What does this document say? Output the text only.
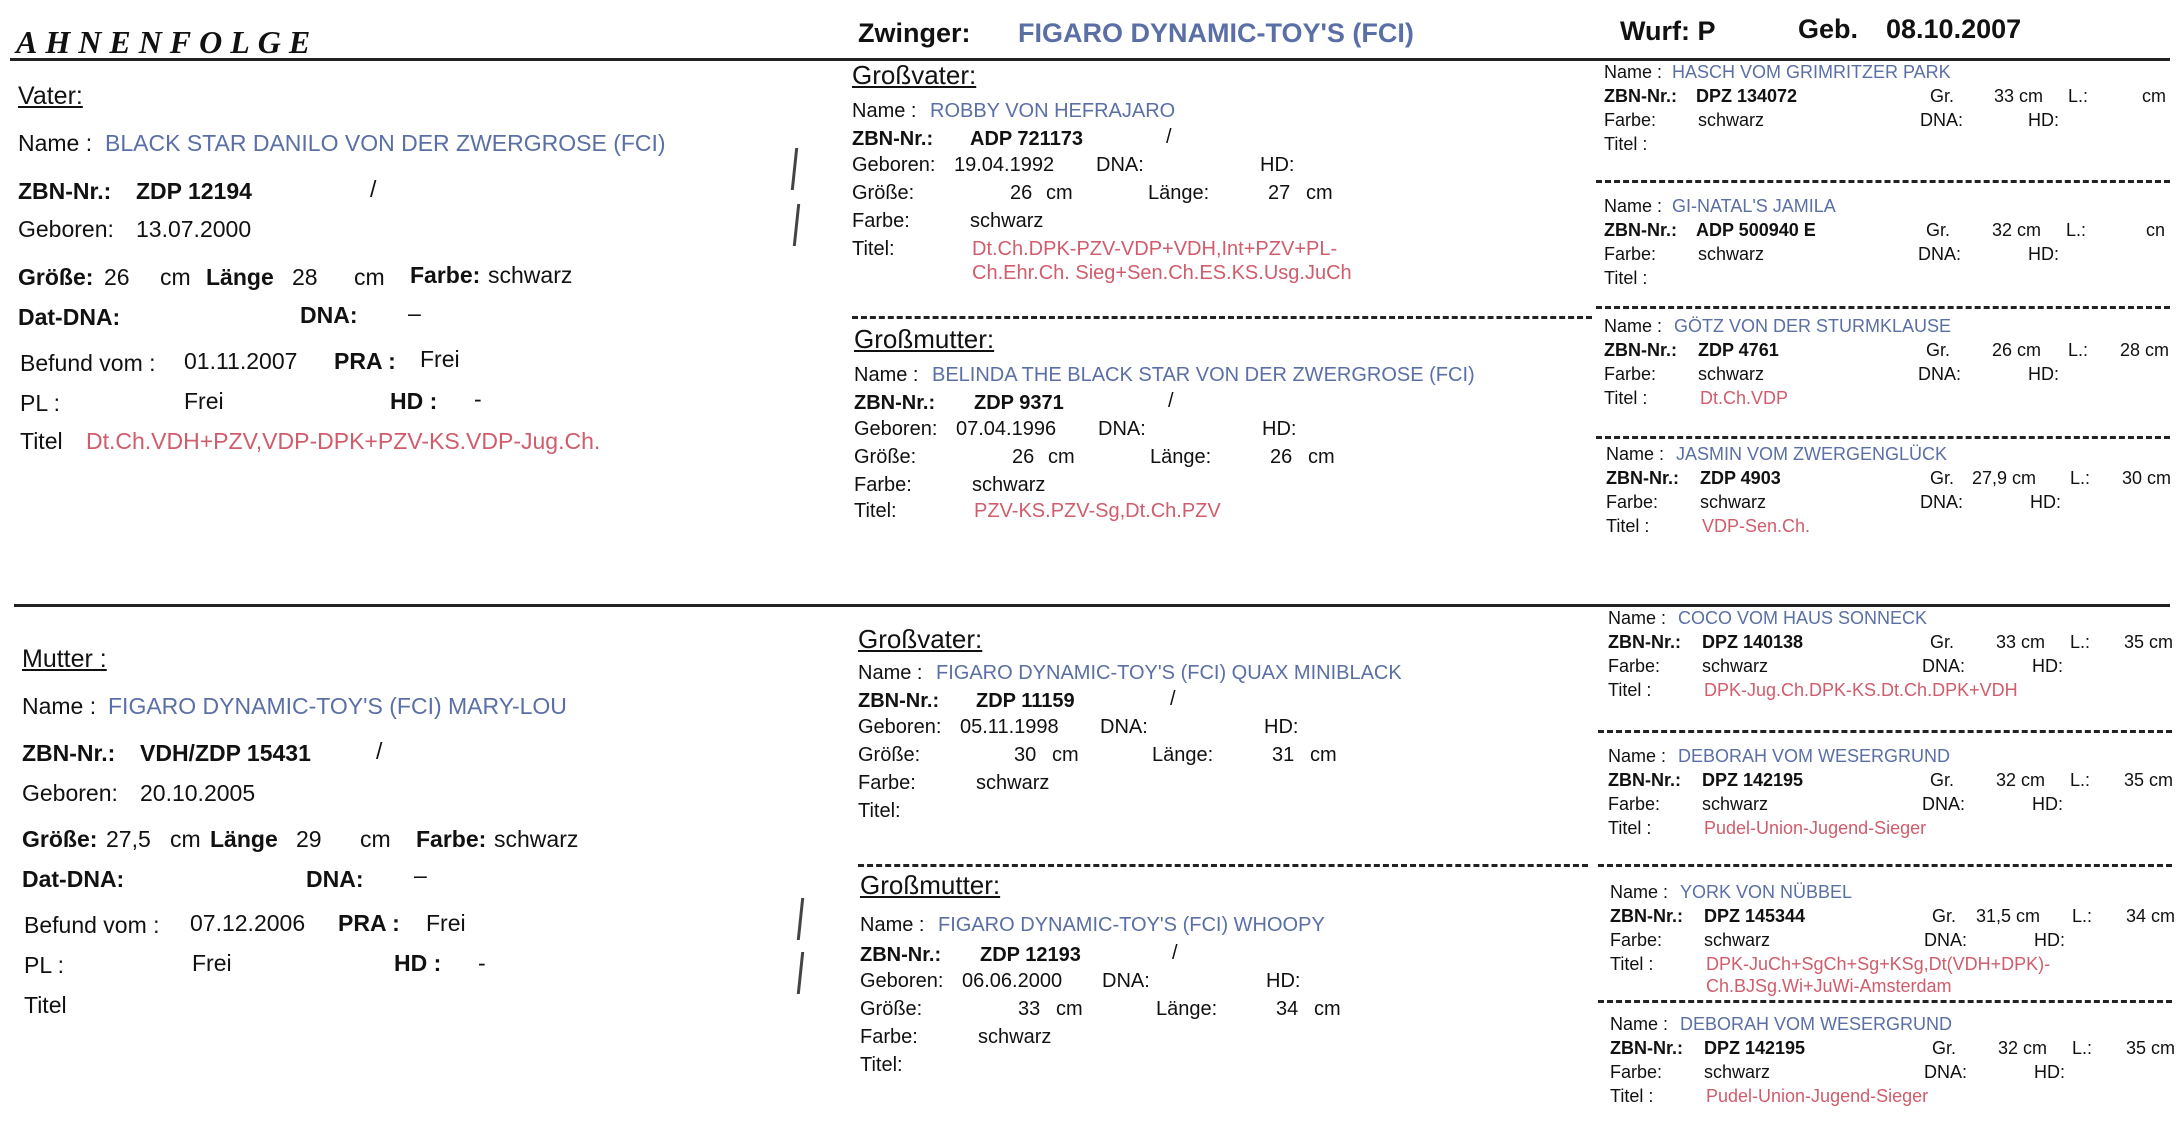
AHNENFOLGE	Zwinger: FIGARO DYNAMIC-TOY'S (FCI)	Wurf: P	Geb. 08.10.2007
Vater:
Name : BLACK STAR DANILO VON DER ZWERGROSE (FCI)
ZBN-Nr.: ZDP 12194	/
Geboren: 13.07.2000
Größe: 26 cm Länge 28 cm Farbe: schwarz
Dat-DNA:	DNA: –
Befund vom : 01.11.2007 PRA : Frei
PL :	Frei	HD : -
Titel Dt.Ch.VDH+PZV,VDP-DPK+PZV-KS.VDP-Jug.Ch.
Mutter :
Name : FIGARO DYNAMIC-TOY'S (FCI) MARY-LOU
ZBN-Nr.: VDH/ZDP 15431	/
Geboren: 20.10.2005
Größe: 27,5 cm Länge 29 cm Farbe: schwarz
Dat-DNA:	DNA: –
Befund vom : 07.12.2006 PRA : Frei
PL :	Frei	HD : -
Titel
Großvater:
Name : ROBBY VON HEFRAJARO
ZBN-Nr.: ADP 721173	/
Geboren: 19.04.1992 DNA:	HD:
Größe:	26 cm	Länge:	27 cm
Farbe:	schwarz
Titel:	Dt.Ch.DPK-PZV-VDP+VDH,Int+PZV+PL-
Ch.Ehr.Ch. Sieg+Sen.Ch.ES.KS.Usg.JuCh
Großmutter:
Name : BELINDA THE BLACK STAR VON DER ZWERGROSE (FCI)
ZBN-Nr.: ZDP 9371	/
Geboren: 07.04.1996 DNA:	HD:
Größe:	26 cm	Länge:	26 cm
Farbe:	schwarz
Titel:	PZV-KS.PZV-Sg,Dt.Ch.PZV
Großvater:
Name : FIGARO DYNAMIC-TOY'S (FCI) QUAX MINIBLACK
ZBN-Nr.: ZDP 11159	/
Geboren: 05.11.1998 DNA:	HD:
Größe:	30 cm	Länge:	31 cm
Farbe:	schwarz
Titel:
Großmutter:
Name : FIGARO DYNAMIC-TOY'S (FCI) WHOOPY
ZBN-Nr.: ZDP 12193	/
Geboren: 06.06.2000 DNA:	HD:
Größe:	33 cm	Länge:	34 cm
Farbe:	schwarz
Titel:
Name : HASCH VOM GRIMRITZER PARK
ZBN-Nr.: DPZ 134072	Gr. 33 cm L.:	cm
Farbe: schwarz	DNA:	HD:
Titel :
Name : GI-NATAL'S JAMILA
ZBN-Nr.: ADP 500940 E	Gr. 32 cm L.:	cn
Farbe: schwarz	DNA:	HD:
Titel :
Name : GÖTZ VON DER STURMKLAUSE
ZBN-Nr.: ZDP 4761	Gr. 26 cm L.: 28 cm
Farbe: schwarz	DNA:	HD:
Titel :	Dt.Ch.VDP
Name : JASMIN VOM ZWERGENGLÜCK
ZBN-Nr.: ZDP 4903	Gr. 27,9 cm L.: 30 cm
Farbe: schwarz	DNA:	HD:
Titel :	VDP-Sen.Ch.
Name : COCO VOM HAUS SONNECK
ZBN-Nr.: DPZ 140138	Gr. 33 cm L.: 35 cm
Farbe: schwarz	DNA:	HD:
Titel :	DPK-Jug.Ch.DPK-KS.Dt.Ch.DPK+VDH
Name : DEBORAH VOM WESERGRUND
ZBN-Nr.: DPZ 142195	Gr. 32 cm L.: 35 cm
Farbe: schwarz	DNA:	HD:
Titel :	Pudel-Union-Jugend-Sieger
Name : YORK VON NÜBBEL
ZBN-Nr.: DPZ 145344	Gr. 31,5 cm L.: 34 cm
Farbe: schwarz	DNA:	HD:
Titel :	DPK-JuCh+SgCh+Sg+KSg,Dt(VDH+DPK)-
Ch.BJSg.Wi+JuWi-Amsterdam
Name : DEBORAH VOM WESERGRUND
ZBN-Nr.: DPZ 142195	Gr. 32 cm L.: 35 cm
Farbe: schwarz	DNA:	HD:
Titel :	Pudel-Union-Jugend-Sieger
